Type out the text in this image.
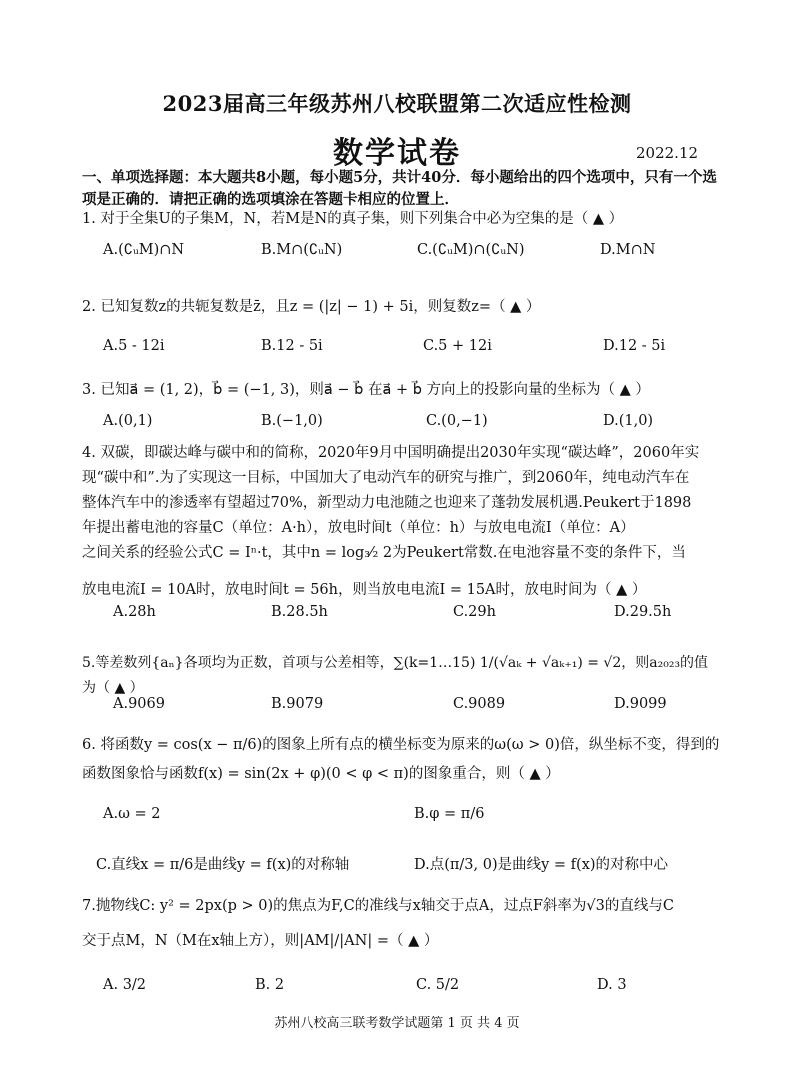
2023届高三年级苏州八校联盟第二次适应性检测
数学试卷	2022.12
一、单项选择题：本大题共8小题，每小题5分，共计40分．每小题给出的四个选项中，只有一个选项是正确的．请把正确的选项填涂在答题卡相应的位置上．
1. 对于全集U的子集M，N，若M是N的真子集，则下列集合中必为空集的是（ ▲ ）
A.(∁ᵤM)∩N	B.M∩(∁ᵤN)	C.(∁ᵤM)∩(∁ᵤN)	D.M∩N
2. 已知复数z的共轭复数是z̄，且z = (|z| − 1) + 5i，则复数z=（ ▲ ）
A.5 - 12i	B.12 - 5i	C.5 + 12i	D.12 - 5i
3. 已知a⃗ = (1, 2)，b⃗ = (−1, 3)，则a⃗ − b⃗ 在a⃗ + b⃗ 方向上的投影向量的坐标为（ ▲ ）
A.(0,1)	B.(−1,0)	C.(0,−1)	D.(1,0)
4. 双碳，即碳达峰与碳中和的简称，2020年9月中国明确提出2030年实现“碳达峰”，2060年实
现“碳中和”.为了实现这一目标，中国加大了电动汽车的研究与推广，到2060年，纯电动汽车在
整体汽车中的渗透率有望超过70%，新型动力电池随之也迎来了蓬勃发展机遇.Peukert于1898
年提出蓄电池的容量C（单位：A·h），放电时间t（单位：h）与放电电流I（单位：A）
之间关系的经验公式C = Iⁿ·t，其中n = log₃⁄₂ 2为Peukert常数.在电池容量不变的条件下，当
放电电流I = 10A时，放电时间t = 56h，则当放电电流I = 15A时，放电时间为（ ▲ ）
A.28h	B.28.5h	C.29h	D.29.5h
5.等差数列{aₙ}各项均为正数，首项与公差相等，∑(k=1…15) 1/(√aₖ + √aₖ₊₁) = √2，则a₂₀₂₃的值为（ ▲ ）
A.9069	B.9079	C.9089	D.9099
6. 将函数y = cos(x − π/6)的图象上所有点的横坐标变为原来的ω(ω > 0)倍，纵坐标不变，得到的
函数图象恰与函数f(x) = sin(2x + φ)(0 < φ < π)的图象重合，则（ ▲ ）
A.ω = 2	B.φ = π/6
C.直线x = π/6是曲线y = f(x)的对称轴	D.点(π/3, 0)是曲线y = f(x)的对称中心
7.抛物线C: y² = 2px(p > 0)的焦点为F,C的准线与x轴交于点A，过点F斜率为√3的直线与C
交于点M，N（M在x轴上方），则|AM|/|AN| =（ ▲ ）
A. 3/2	B. 2	C. 5/2	D. 3
苏州八校高三联考数学试题第 1 页 共 4 页
